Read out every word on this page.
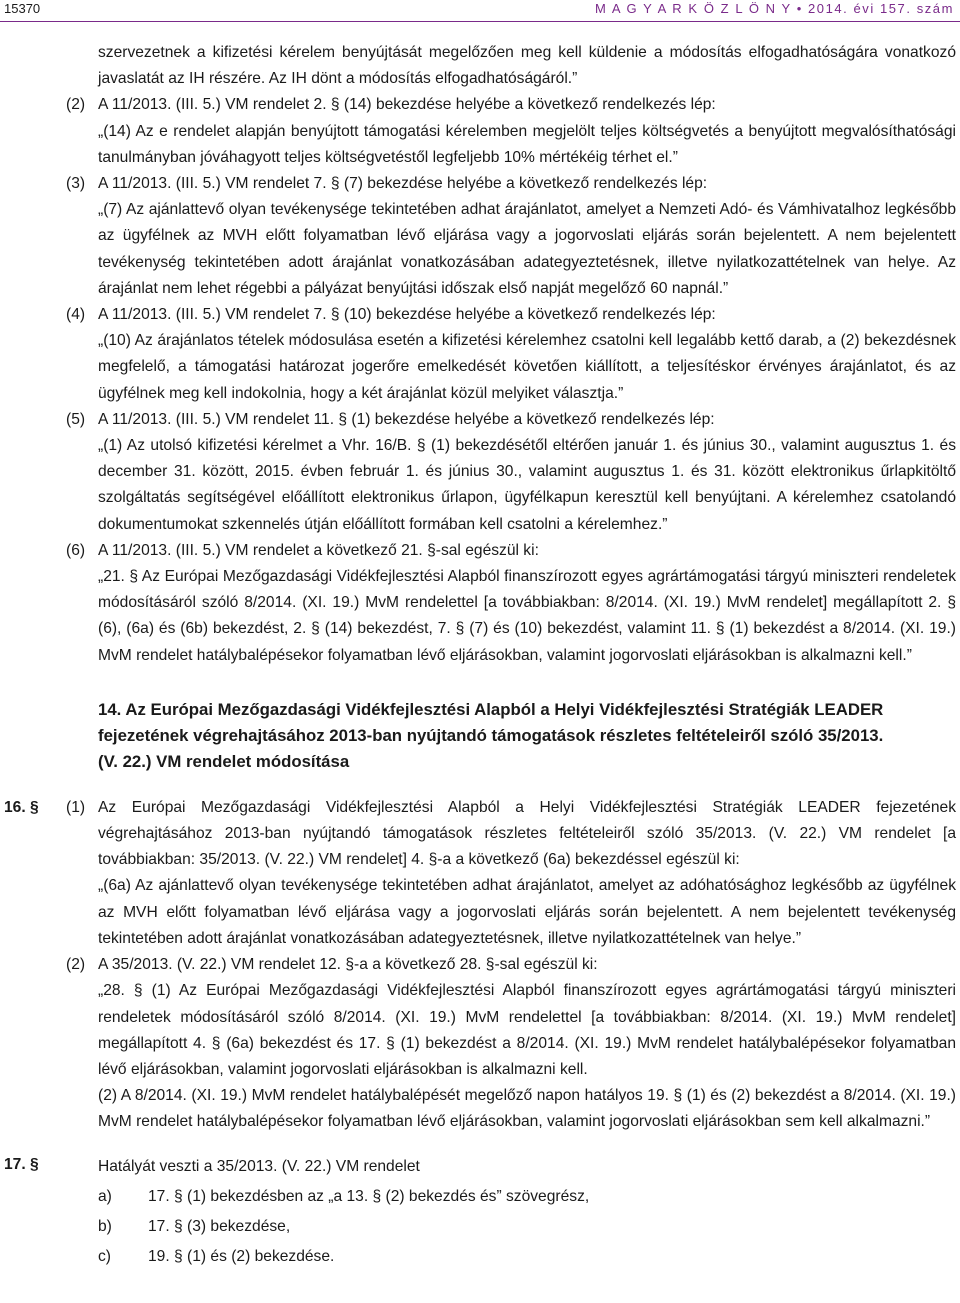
15370	M A G Y A R K Ö Z L Ö N Y • 2014. évi 157. szám

szervezetnek a kifizetési kérelem benyújtását megelőzően meg kell küldenie a módosítás elfogadhatóságára vonatkozó javaslatát az IH részére. Az IH dönt a módosítás elfogadhatóságáról.”

(2) A 11/2013. (III. 5.) VM rendelet 2. § (14) bekezdése helyébe a következő rendelkezés lép:

„(14) Az e rendelet alapján benyújtott támogatási kérelemben megjelölt teljes költségvetés a benyújtott megvalósíthatósági tanulmányban jóváhagyott teljes költségvetéstől legfeljebb 10% mértékéig térhet el.”

(3) A 11/2013. (III. 5.) VM rendelet 7. § (7) bekezdése helyébe a következő rendelkezés lép:

„(7) Az ajánlattevő olyan tevékenysége tekintetében adhat árajánlatot, amelyet a Nemzeti Adó- és Vámhivatalhoz legkésőbb az ügyfélnek az MVH előtt folyamatban lévő eljárása vagy a jogorvoslati eljárás során bejelentett. A nem bejelentett tevékenység tekintetében adott árajánlat vonatkozásában adategyeztetésnek, illetve nyilatkozattételnek van helye. Az árajánlat nem lehet régebbi a pályázat benyújtási időszak első napját megelőző 60 napnál.”

(4) A 11/2013. (III. 5.) VM rendelet 7. § (10) bekezdése helyébe a következő rendelkezés lép:

„(10) Az árajánlatos tételek módosulása esetén a kifizetési kérelemhez csatolni kell legalább kettő darab, a (2) bekezdésnek megfelelő, a támogatási határozat jogerőre emelkedését követően kiállított, a teljesítéskor érvényes árajánlatot, és az ügyfélnek meg kell indokolnia, hogy a két árajánlat közül melyiket választja.”

(5) A 11/2013. (III. 5.) VM rendelet 11. § (1) bekezdése helyébe a következő rendelkezés lép:

„(1) Az utolsó kifizetési kérelmet a Vhr. 16/B. § (1) bekezdésétől eltérően január 1. és június 30., valamint augusztus 1. és december 31. között, 2015. évben február 1. és június 30., valamint augusztus 1. és 31. között elektronikus űrlapkitöltő szolgáltatás segítségével előállított elektronikus űrlapon, ügyfélkapun keresztül kell benyújtani. A kérelemhez csatolandó dokumentumokat szkennelés útján előállított formában kell csatolni a kérelemhez.”

(6) A 11/2013. (III. 5.) VM rendelet a következő 21. §-sal egészül ki:

„21. § Az Európai Mezőgazdasági Vidékfejlesztési Alapból finanszírozott egyes agrártámogatási tárgyú miniszteri rendeletek módosításáról szóló 8/2014. (XI. 19.) MvM rendelettel [a továbbiakban: 8/2014. (XI. 19.) MvM rendelet] megállapított 2. § (6), (6a) és (6b) bekezdést, 2. § (14) bekezdést, 7. § (7) és (10) bekezdést, valamint 11. § (1) bekezdést a 8/2014. (XI. 19.) MvM rendelet hatálybalépésekor folyamatban lévő eljárásokban, valamint jogorvoslati eljárásokban is alkalmazni kell.”

14. Az Európai Mezőgazdasági Vidékfejlesztési Alapból a Helyi Vidékfejlesztési Stratégiák LEADER fejezetének végrehajtásához 2013-ban nyújtandó támogatások részletes feltételeiről szóló 35/2013. (V. 22.) VM rendelet módosítása
16. § (1) Az Európai Mezőgazdasági Vidékfejlesztési Alapból a Helyi Vidékfejlesztési Stratégiák LEADER fejezetének végrehajtásához 2013-ban nyújtandó támogatások részletes feltételeiről szóló 35/2013. (V. 22.) VM rendelet [a továbbiakban: 35/2013. (V. 22.) VM rendelet] 4. §-a a következő (6a) bekezdéssel egészül ki:

„(6a) Az ajánlattevő olyan tevékenysége tekintetében adhat árajánlatot, amelyet az adóhatósághoz legkésőbb az ügyfélnek az MVH előtt folyamatban lévő eljárása vagy a jogorvoslati eljárás során bejelentett. A nem bejelentett tevékenység tekintetében adott árajánlat vonatkozásában adategyeztetésnek, illetve nyilatkozattételnek van helye.”

(2) A 35/2013. (V. 22.) VM rendelet 12. §-a a következő 28. §-sal egészül ki:

„28. § (1) Az Európai Mezőgazdasági Vidékfejlesztési Alapból finanszírozott egyes agrártámogatási tárgyú miniszteri rendeletek módosításáról szóló 8/2014. (XI. 19.) MvM rendelettel [a továbbiakban: 8/2014. (XI. 19.) MvM rendelet] megállapított 4. § (6a) bekezdést és 17. § (1) bekezdést a 8/2014. (XI. 19.) MvM rendelet hatálybalépésekor folyamatban lévő eljárásokban, valamint jogorvoslati eljárásokban is alkalmazni kell.

(2) A 8/2014. (XI. 19.) MvM rendelet hatálybalépését megelőző napon hatályos 19. § (1) és (2) bekezdést a 8/2014. (XI. 19.) MvM rendelet hatálybalépésekor folyamatban lévő eljárásokban, valamint jogorvoslati eljárásokban sem kell alkalmazni.”

17. §	Hatályát veszti a 35/2013. (V. 22.) VM rendelet

a) 17. § (1) bekezdésben az „a 13. § (2) bekezdés és” szövegrész,

b) 17. § (3) bekezdése,

c) 19. § (1) és (2) bekezdése.
